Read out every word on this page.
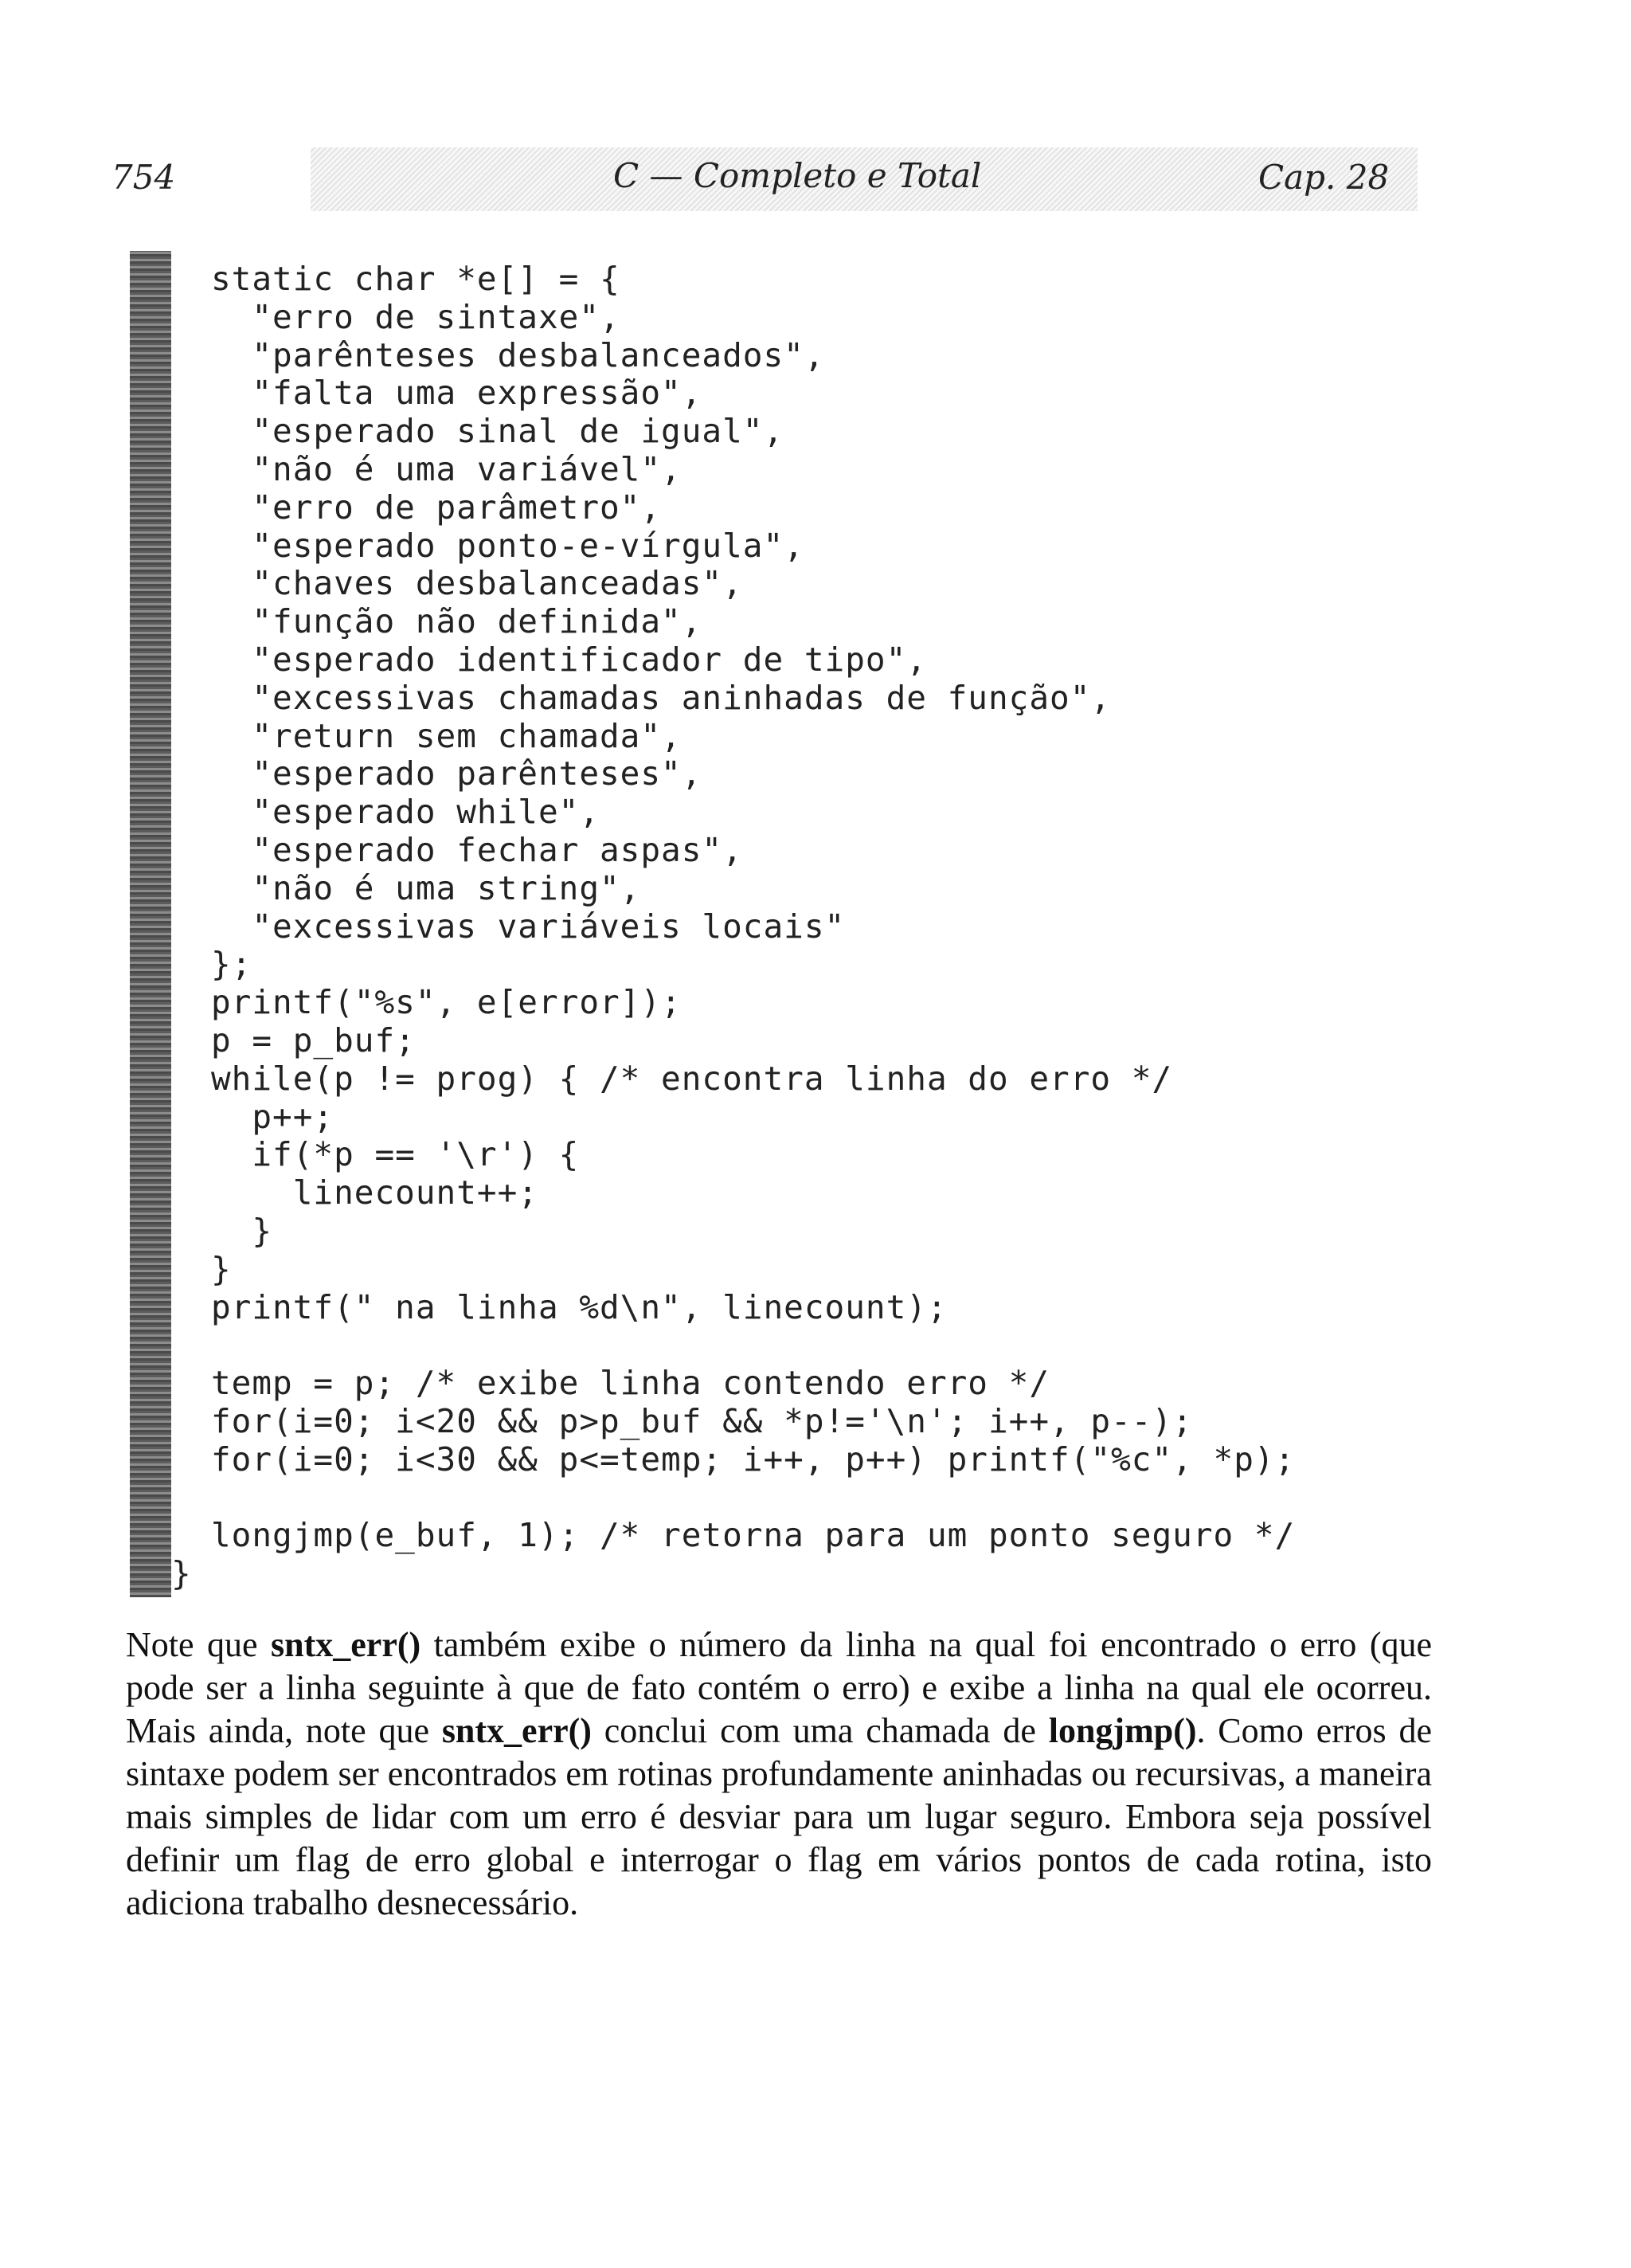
754	C — Completo e Total	Cap. 28
static char *e[] = {
"erro de sintaxe",
"parênteses desbalanceados",
"falta uma expressão",
"esperado sinal de igual",
"não é uma variável",
"erro de parâmetro",
"esperado ponto-e-vírgula",
"chaves desbalanceadas",
"função não definida",
"esperado identificador de tipo",
"excessivas chamadas aninhadas de função",
"return sem chamada",
"esperado parênteses",
"esperado while",
"esperado fechar aspas",
"não é uma string",
"excessivas variáveis locais"
};
printf("%s", e[error]);
p = p_buf;
while(p != prog) { /* encontra linha do erro */
p++;
if(*p == '\r') {
linecount++;
}
}
printf(" na linha %d\n", linecount);
temp = p; /* exibe linha contendo erro */
for(i=0; i<20 && p>p_buf && *p!='\n'; i++, p--);
for(i=0; i<30 && p<=temp; i++, p++) printf("%c", *p);
longjmp(e_buf, 1); /* retorna para um ponto seguro */
}

Note que sntx_err() também exibe o número da linha na qual foi encontrado o erro (que pode ser a linha seguinte à que de fato contém o erro) e exibe a linha na qual ele ocorreu. Mais ainda, note que sntx_err() conclui com uma chamada de longjmp(). Como erros de sintaxe podem ser encontrados em rotinas profundamente aninhadas ou recursivas, a maneira mais simples de lidar com um erro é desviar para um lugar seguro. Embora seja possível definir um flag de erro global e interrogar o flag em vários pontos de cada rotina, isto adiciona trabalho desnecessário.
